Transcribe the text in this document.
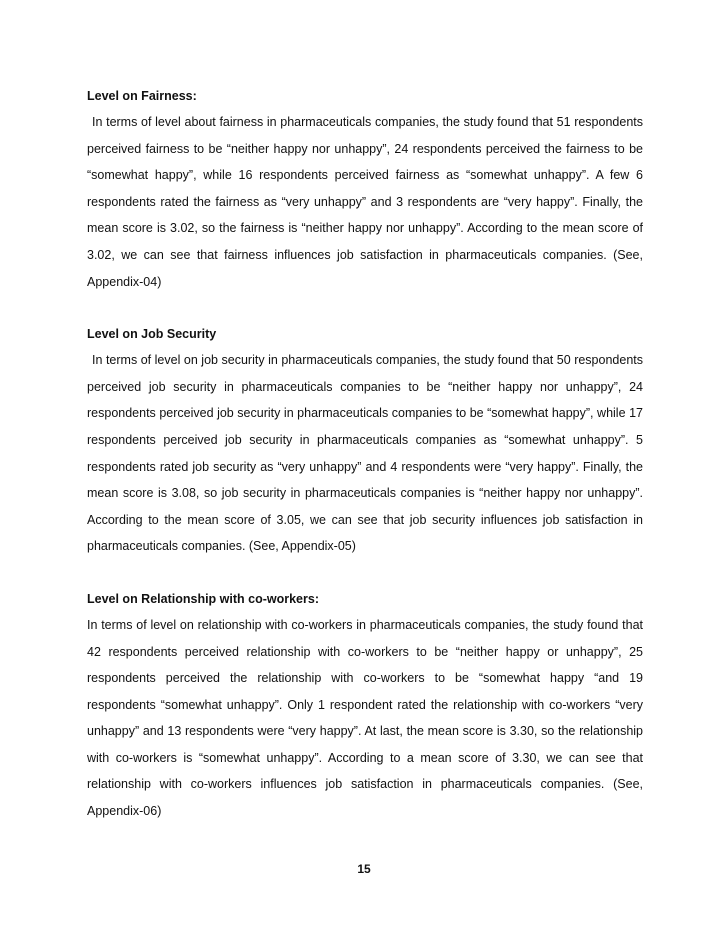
Level on Fairness:

In terms of level about fairness in pharmaceuticals companies, the study found that 51 respondents perceived fairness to be “neither happy nor unhappy”, 24 respondents perceived the fairness to be “somewhat happy”, while 16 respondents perceived fairness as “somewhat unhappy”. A few 6 respondents rated the fairness as “very unhappy” and 3 respondents are “very happy”. Finally, the mean score is 3.02, so the fairness is “neither happy nor unhappy”. According to the mean score of 3.02, we can see that fairness influences job satisfaction in pharmaceuticals companies. (See, Appendix-04)

Level on Job Security

In terms of level on job security in pharmaceuticals companies, the study found that 50 respondents perceived job security in pharmaceuticals companies to be “neither happy nor unhappy”, 24 respondents perceived job security in pharmaceuticals companies to be “somewhat happy”, while 17 respondents perceived job security in pharmaceuticals companies as “somewhat unhappy”. 5 respondents rated job security as “very unhappy” and 4 respondents were “very happy”. Finally, the mean score is 3.08, so job security in pharmaceuticals companies is “neither happy nor unhappy”. According to the mean score of 3.05, we can see that job security influences job satisfaction in pharmaceuticals companies. (See, Appendix-05)

Level on Relationship with co-workers:

In terms of level on relationship with co-workers in pharmaceuticals companies, the study found that 42 respondents perceived relationship with co-workers to be “neither happy or unhappy”, 25 respondents perceived the relationship with co-workers to be “somewhat happy “and 19 respondents “somewhat unhappy”. Only 1 respondent rated the relationship with co-workers “very unhappy” and 13 respondents were “very happy”. At last, the mean score is 3.30, so the relationship with co-workers is “somewhat unhappy”. According to a mean score of 3.30, we can see that relationship with co-workers influences job satisfaction in pharmaceuticals companies. (See, Appendix-06)

15
